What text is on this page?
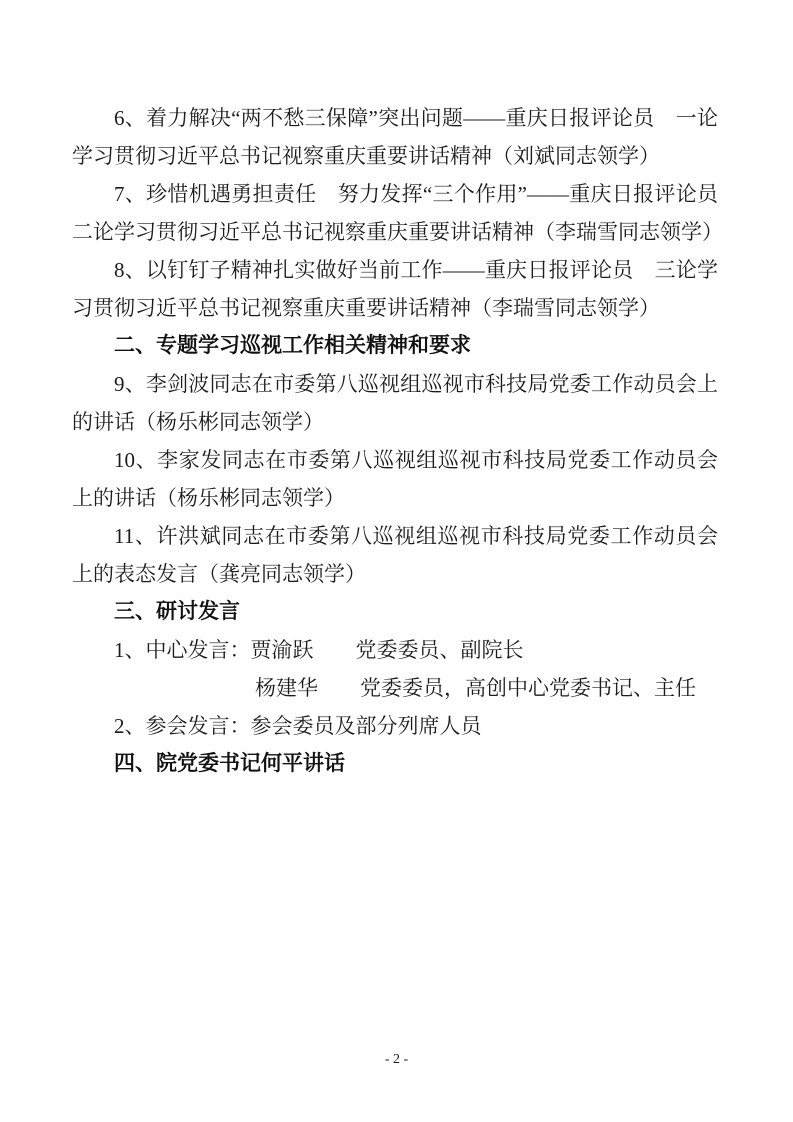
6、着力解决“两不愁三保障”突出问题——重庆日报评论员　一论学习贯彻习近平总书记视察重庆重要讲话精神（刘斌同志领学）

7、珍惜机遇勇担责任　努力发挥“三个作用”——重庆日报评论员　二论学习贯彻习近平总书记视察重庆重要讲话精神（李瑞雪同志领学）

8、以钉钉子精神扎实做好当前工作——重庆日报评论员　三论学习贯彻习近平总书记视察重庆重要讲话精神（李瑞雪同志领学）

二、专题学习巡视工作相关精神和要求

9、李剑波同志在市委第八巡视组巡视市科技局党委工作动员会上的讲话（杨乐彬同志领学）

10、李家发同志在市委第八巡视组巡视市科技局党委工作动员会上的讲话（杨乐彬同志领学）

11、许洪斌同志在市委第八巡视组巡视市科技局党委工作动员会上的表态发言（龚亮同志领学）

三、研讨发言

1、中心发言：贾渝跃　　党委委员、副院长

杨建华　　党委委员，高创中心党委书记、主任

2、参会发言：参会委员及部分列席人员

四、院党委书记何平讲话

- 2 -
